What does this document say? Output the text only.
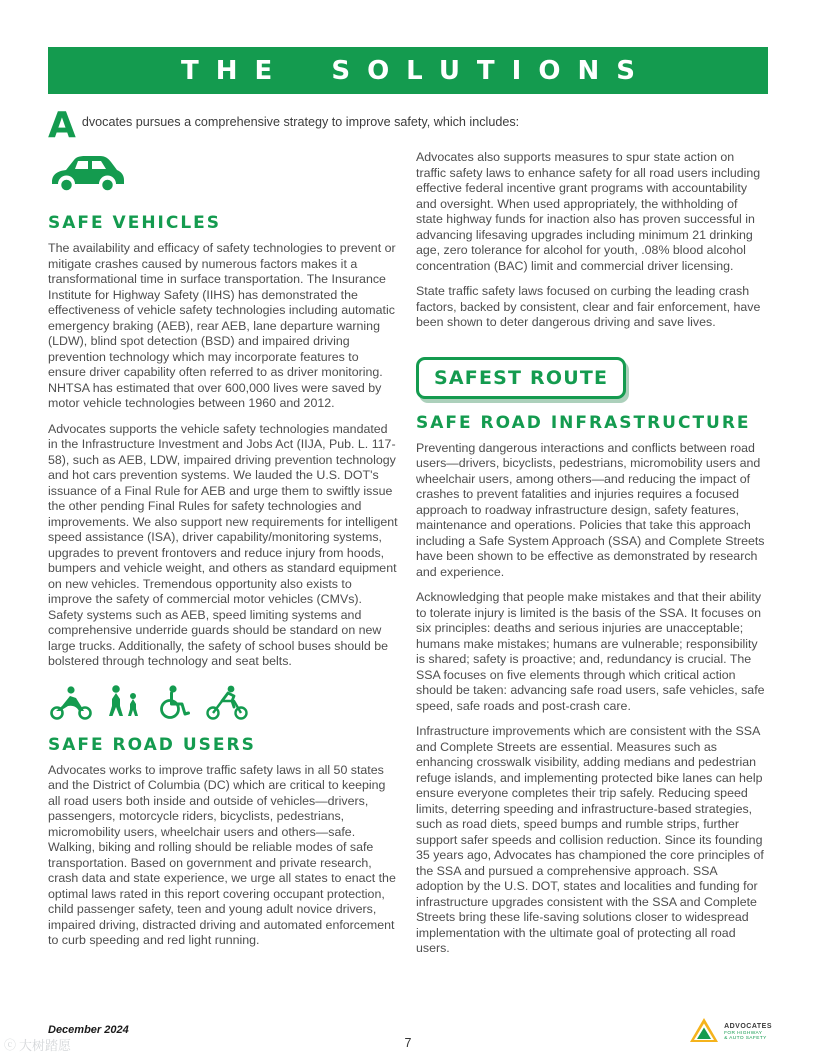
THE SOLUTIONS
A dvocates pursues a comprehensive strategy to improve safety, which includes:
SAFE VEHICLES

The availability and efficacy of safety technologies to prevent or mitigate crashes caused by numerous factors makes it a transformational time in surface transportation. The Insurance Institute for Highway Safety (IIHS) has demonstrated the effectiveness of vehicle safety technologies including automatic emergency braking (AEB), rear AEB, lane departure warning (LDW), blind spot detection (BSD) and impaired driving prevention technology which may incorporate features to ensure driver capability often referred to as driver monitoring. NHTSA has estimated that over 600,000 lives were saved by motor vehicle technologies between 1960 and 2012.

Advocates supports the vehicle safety technologies mandated in the Infrastructure Investment and Jobs Act (IIJA, Pub. L. 117-58), such as AEB, LDW, impaired driving prevention technology and hot cars prevention systems. We lauded the U.S. DOT's issuance of a Final Rule for AEB and urge them to swiftly issue the other pending Final Rules for safety technologies and improvements. We also support new requirements for intelligent speed assistance (ISA), driver capability/monitoring systems, upgrades to prevent frontovers and reduce injury from hoods, bumpers and vehicle weight, and others as standard equipment on new vehicles. Tremendous opportunity also exists to improve the safety of commercial motor vehicles (CMVs). Safety systems such as AEB, speed limiting systems and comprehensive underride guards should be standard on new large trucks. Additionally, the safety of school buses should be bolstered through technology and seat belts.

SAFE ROAD USERS

Advocates works to improve traffic safety laws in all 50 states and the District of Columbia (DC) which are critical to keeping all road users both inside and outside of vehicles—drivers, passengers, motorcycle riders, bicyclists, pedestrians, micromobility users, wheelchair users and others—safe. Walking, biking and rolling should be reliable modes of safe transportation. Based on government and private research, crash data and state experience, we urge all states to enact the optimal laws rated in this report covering occupant protection, child passenger safety, teen and young adult novice drivers, impaired driving, distracted driving and automated enforcement to curb speeding and red light running.

Advocates also supports measures to spur state action on traffic safety laws to enhance safety for all road users including effective federal incentive grant programs with accountability and oversight. When used appropriately, the withholding of state highway funds for inaction also has proven successful in advancing lifesaving upgrades including minimum 21 drinking age, zero tolerance for alcohol for youth, .08% blood alcohol concentration (BAC) limit and commercial driver licensing.

State traffic safety laws focused on curbing the leading crash factors, backed by consistent, clear and fair enforcement, have been shown to deter dangerous driving and save lives.

SAFEST ROUTE
SAFE ROAD INFRASTRUCTURE

Preventing dangerous interactions and conflicts between road users—drivers, bicyclists, pedestrians, micromobility users and wheelchair users, among others—and reducing the impact of crashes to prevent fatalities and injuries requires a focused approach to roadway infrastructure design, safety features, maintenance and operations. Policies that take this approach including a Safe System Approach (SSA) and Complete Streets have been shown to be effective as demonstrated by research and experience.

Acknowledging that people make mistakes and that their ability to tolerate injury is limited is the basis of the SSA. It focuses on six principles: deaths and serious injuries are unacceptable; humans make mistakes; humans are vulnerable; responsibility is shared; safety is proactive; and, redundancy is crucial. The SSA focuses on five elements through which critical action should be taken: advancing safe road users, safe vehicles, safe speed, safe roads and post-crash care.

Infrastructure improvements which are consistent with the SSA and Complete Streets are essential. Measures such as enhancing crosswalk visibility, adding medians and pedestrian refuge islands, and implementing protected bike lanes can help ensure everyone completes their trip safely. Reducing speed limits, deterring speeding and infrastructure-based strategies, such as road diets, speed bumps and rumble strips, further support safer speeds and collision reduction. Since its founding 35 years ago, Advocates has championed the core principles of the SSA and pursued a comprehensive approach. SSA adoption by the U.S. DOT, states and localities and funding for infrastructure upgrades consistent with the SSA and Complete Streets bring these life-saving solutions closer to widespread implementation with the ultimate goal of protecting all road users.

December 2024
7
ADVOCATES
FOR HIGHWAY
& AUTO SAFETY
ⓒ 大树踏愿
